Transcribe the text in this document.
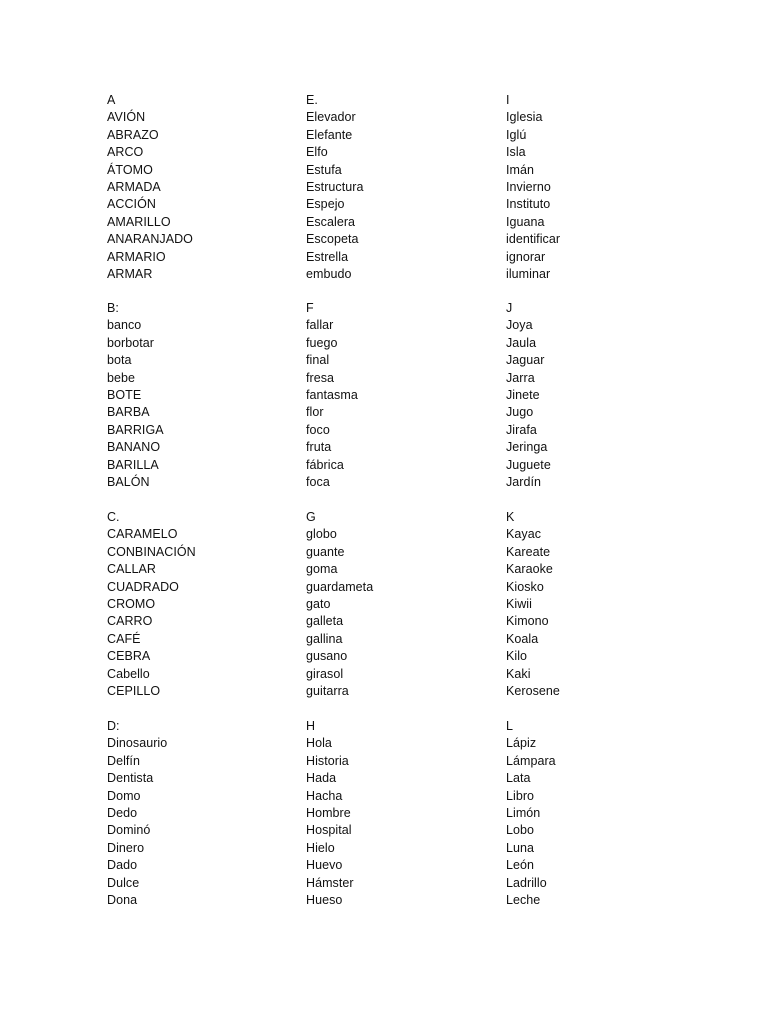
A
AVIÓN
ABRAZO
ARCO
ÁTOMO
ARMADA
ACCIÓN
AMARILLO
ANARANJADO
ARMARIO
ARMAR
E.
Elevador
Elefante
Elfo
Estufa
Estructura
Espejo
Escalera
Escopeta
Estrella
embudo
I
Iglesia
Iglú
Isla
Imán
Invierno
Instituto
Iguana
identificar
ignorar
iluminar
B:
banco
borbotar
bota
bebe
BOTE
BARBA
BARRIGA
BANANO
BARILLA
BALÓN
F
fallar
fuego
final
fresa
fantasma
flor
foco
fruta
fábrica
foca
J
Joya
Jaula
Jaguar
Jarra
Jinete
Jugo
Jirafa
Jeringa
Juguete
Jardín
C.
CARAMELO
CONBINACIÓN
CALLAR
CUADRADO
CROMO
CARRO
CAFÉ
CEBRA
Cabello
CEPILLO
G
globo
guante
goma
guardameta
gato
galleta
gallina
gusano
girasol
guitarra
K
Kayac
Kareate
Karaoke
Kiosko
Kiwii
Kimono
Koala
Kilo
Kaki
Kerosene
D:
Dinosaurio
Delfín
Dentista
Domo
Dedo
Dominó
Dinero
Dado
Dulce
Dona
H
Hola
Historia
Hada
Hacha
Hombre
Hospital
Hielo
Huevo
Hámster
Hueso
L
Lápiz
Lámpara
Lata
Libro
Limón
Lobo
Luna
León
Ladrillo
Leche
